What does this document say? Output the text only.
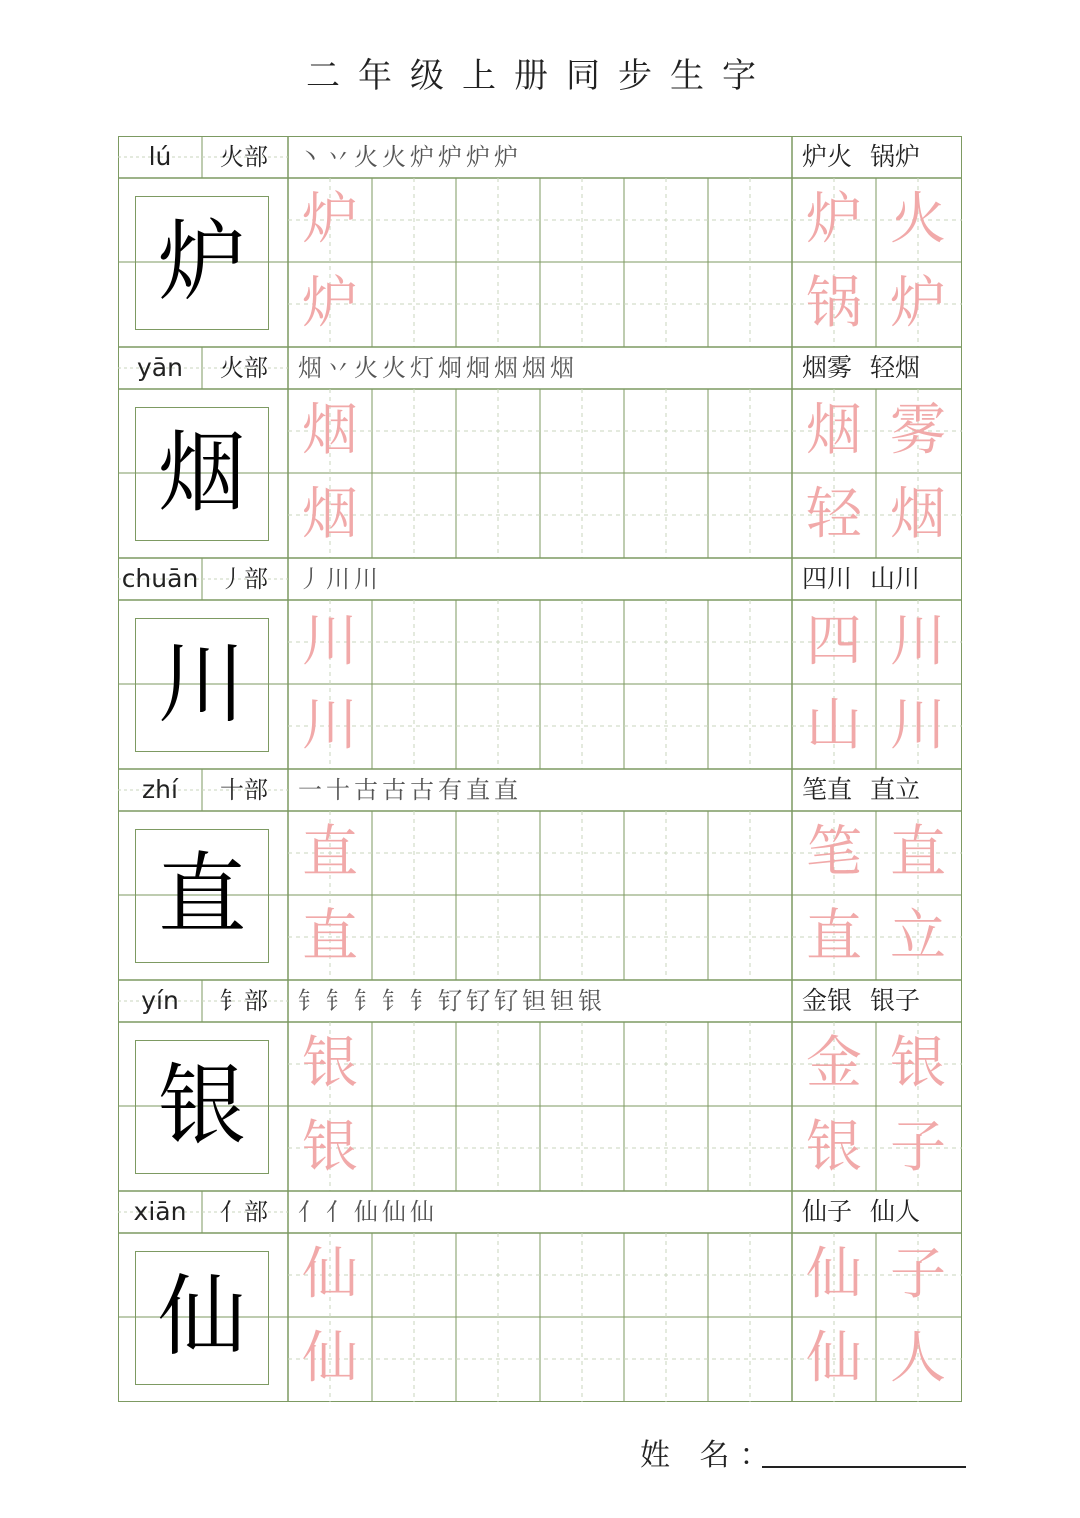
二年级上册同步生字
lú	火部	丶丷火火炉炉炉炉	炉火 锅炉
炉	炉
炉
炉 火
锅 炉
yān	火部	烟丷火火灯炯炯烟烟烟	烟雾 轻烟
烟	烟
烟
烟 雾
轻 烟
chuān 丿部	丿川川	四川 山川
川	川
川
四 川
山 川
zhí	十部	一十古古古有直直	笔直 直立
直	直
直
笔 直
直 立
yín	钅部	钅钅钅钅钅钌钌钌钽钽银	金银 银子
银	银
银
金 银
银 子
xiān	亻部	亻亻仙仙仙	仙子 仙人
仙	仙
仙
仙 子
仙 人
姓 名：
